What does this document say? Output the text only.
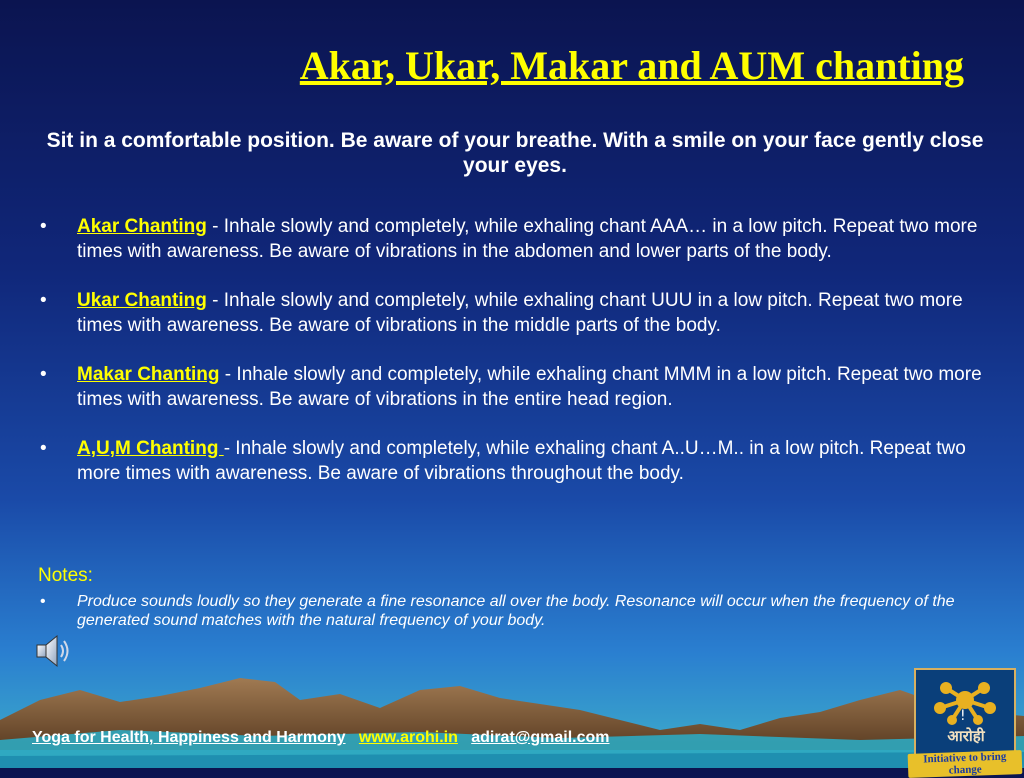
Akar, Ukar, Makar and AUM chanting
Sit in a comfortable position. Be aware of your breathe. With a smile on your face gently close your eyes.
• Akar Chanting - Inhale slowly and completely, while exhaling chant AAA… in a low pitch. Repeat two more times with awareness. Be aware of vibrations in the abdomen and lower parts of the body.
• Ukar Chanting - Inhale slowly and completely, while exhaling chant UUU in a low pitch. Repeat two more times with awareness. Be aware of vibrations in the middle parts of the body.
• Makar Chanting - Inhale slowly and completely, while exhaling chant MMM in a low pitch. Repeat two more times with awareness. Be aware of vibrations in the entire head region.
• A,U,M Chanting - Inhale slowly and completely, while exhaling chant A..U…M.. in a low pitch. Repeat two more times with awareness. Be aware of vibrations throughout the body.
Notes:
• Produce sounds loudly so they generate a fine resonance all over the body. Resonance will occur when the frequency of the generated sound matches with the natural frequency of your body.
Yoga for Health, Happiness and Harmony www.arohi.in adirat@gmail.com
!
आरोही
Initiative to bring change
